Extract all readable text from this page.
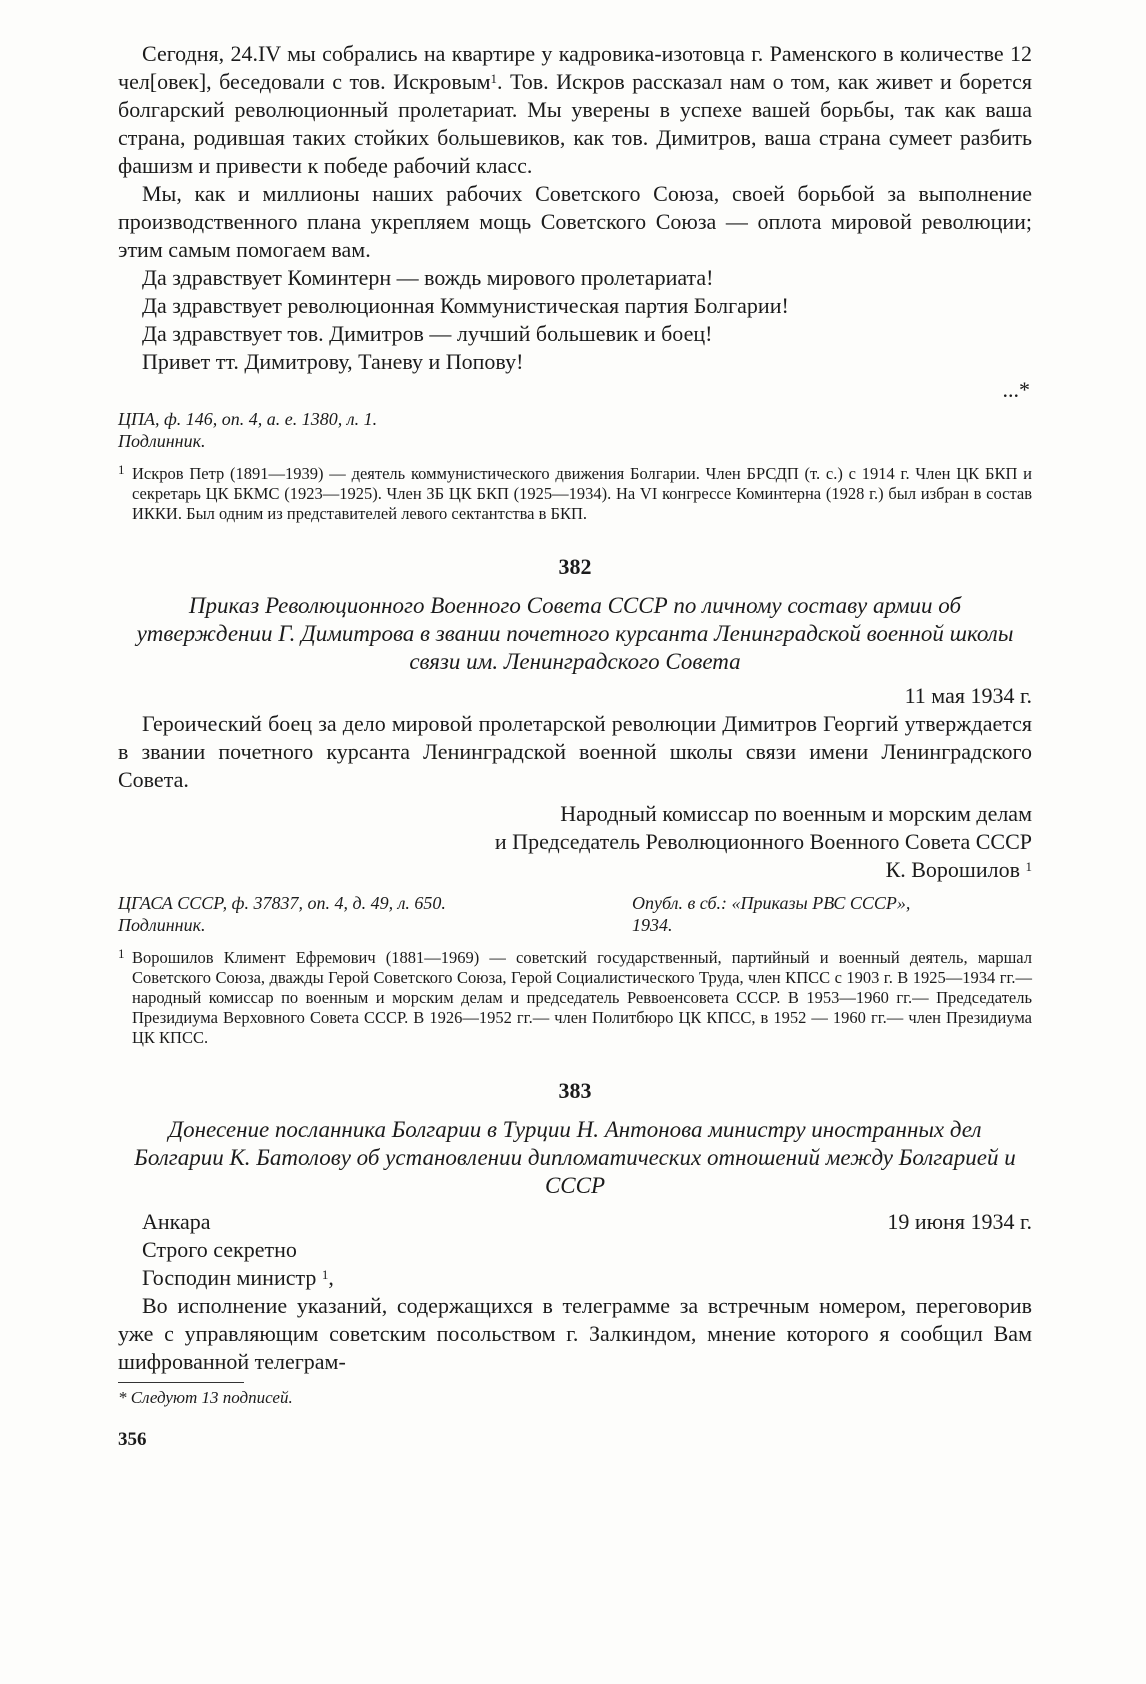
Сегодня, 24.IV мы собрались на квартире у кадровика-изотовца г. Раменского в количестве 12 чел[овек], беседовали с тов. Искровым$^1$. Тов. Искров рассказал нам о том, как живет и борется болгарский революционный пролетариат. Мы уверены в успехе вашей борьбы, так как ваша страна, родившая таких стойких большевиков, как тов. Димитров, ваша страна сумеет разбить фашизм и привести к победе рабочий класс.

Мы, как и миллионы наших рабочих Советского Союза, своей борьбой за выполнение производственного плана укрепляем мощь Советского Союза — оплота мировой революции; этим самым помогаем вам.

Да здравствует Коминтерн — вождь мирового пролетариата!

Да здравствует революционная Коммунистическая партия Болгарии!

Да здравствует тов. Димитров — лучший большевик и боец!

Привет тт. Димитрову, Таневу и Попову!

...*

ЦПА, ф. 146, оп. 4, а. е. 1380, л. 1.
Подлинник.

1 Искров Петр (1891—1939) — деятель коммунистического движения Болгарии. Член БРСДП (т. с.) с 1914 г. Член ЦК БКП и секретарь ЦК БКМС (1923—1925). Член ЗБ ЦК БКП (1925—1934). На VI конгрессе Коминтерна (1928 г.) был избран в состав ИККИ. Был одним из представителей левого сектантства в БКП.

382
Приказ Революционного Военного Совета СССР по личному составу армии об утверждении Г. Димитрова в звании почетного курсанта Ленинградской военной школы связи им. Ленинградского Совета
11 мая 1934 г.

Героический боец за дело мировой пролетарской революции Димитров Георгий утверждается в звании почетного курсанта Ленинградской военной школы связи имени Ленинградского Совета.

Народный комиссар по военным и морским делам
и Председатель Революционного Военного Совета СССР
К. Ворошилов $^1$
ЦГАСА СССР, ф. 37837, оп. 4, д. 49, л. 650.
Подлинник.
Опубл. в сб.: «Приказы РВС СССР»,
1934.

1 Ворошилов Климент Ефремович (1881—1969) — советский государственный, партийный и военный деятель, маршал Советского Союза, дважды Герой Советского Союза, Герой Социалистического Труда, член КПСС с 1903 г. В 1925—1934 гг.— народный комиссар по военным и морским делам и председатель Реввоенсовета СССР. В 1953—1960 гг.— Председатель Президиума Верховного Совета СССР. В 1926—1952 гг.— член Политбюро ЦК КПСС, в 1952 — 1960 гг.— член Президиума ЦК КПСС.

383
Донесение посланника Болгарии в Турции Н. Антонова министру иностранных дел Болгарии К. Батолову об установлении дипломатических отношений между Болгарией и СССР
Анкара	19 июня 1934 г.

Строго секретно

Господин министр $^1$,

Во исполнение указаний, содержащихся в телеграмме за встречным номером, переговорив уже с управляющим советским посольством г. Залкиндом, мнение которого я сообщил Вам шифрованной телеграм-

* Следуют 13 подписей.

356
